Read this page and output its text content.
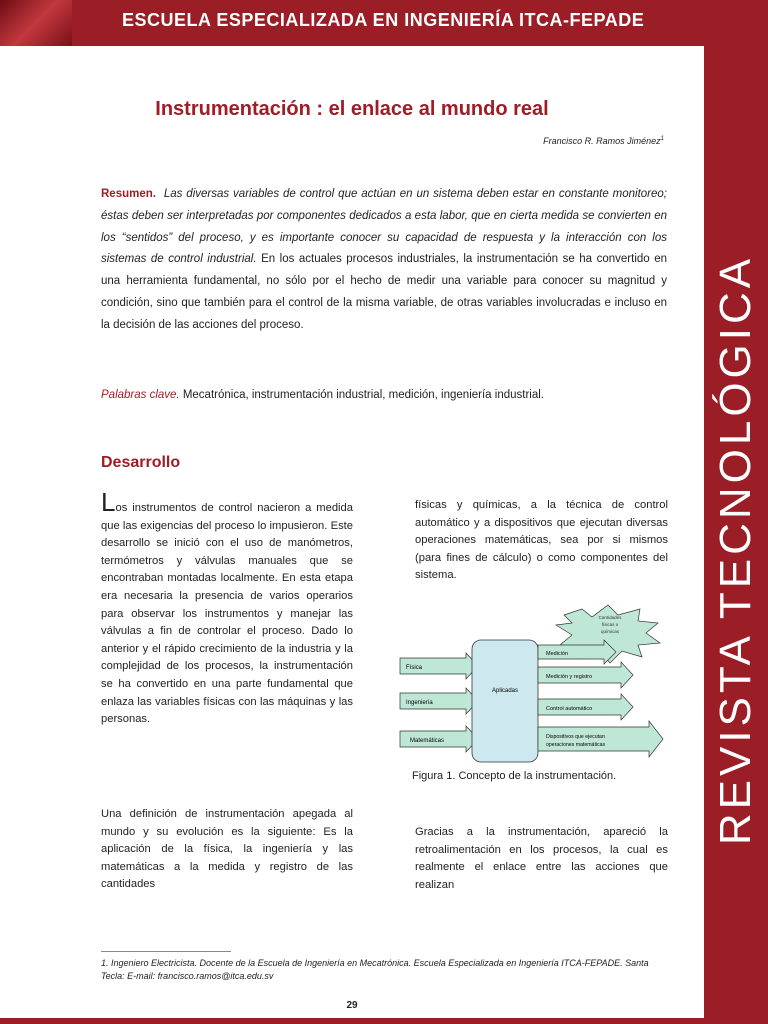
ESCUELA ESPECIALIZADA EN INGENIERÍA ITCA-FEPADE
REVISTA TECNOLÓGICA
Instrumentación : el enlace al mundo real
Francisco R. Ramos Jiménez$^1$
Resumen. Las diversas variables de control que actúan en un sistema deben estar en constante monitoreo; éstas deben ser interpretadas por componentes dedicados a esta labor, que en cierta medida se convierten en los “sentidos” del proceso, y es importante conocer su capacidad de respuesta y la interacción con los sistemas de control industrial. En los actuales procesos industriales, la instrumentación se ha convertido en una herramienta fundamental, no sólo por el hecho de medir una variable para conocer su magnitud y condición, sino que también para el control de la misma variable, de otras variables involucradas e incluso en la decisión de las acciones del proceso.
Palabras clave. Mecatrónica, instrumentación industrial, medición, ingeniería industrial.
Desarrollo
Los instrumentos de control nacieron a medida que las exigencias del proceso lo impusieron. Este desarrollo se inició con el uso de manómetros, termómetros y válvulas manuales que se encontraban montadas localmente. En esta etapa era necesaria la presencia de varios operarios para observar los instrumentos y manejar las válvulas a fin de controlar el proceso. Dado lo anterior y el rápido crecimiento de la industria y la complejidad de los procesos, la instrumentación se ha convertido en una parte fundamental que enlaza las variables físicas con las máquinas y las personas.
Una definición de instrumentación apegada al mundo y su evolución es la siguiente: Es la aplicación de la física, la ingeniería y las matemáticas a la medida y registro de las cantidades
físicas y químicas, a la técnica de control automático y a dispositivos que ejecutan diversas operaciones matemáticas, sea por si mismos (para fines de cálculo) o como componentes del sistema.
Gracias a la instrumentación, apareció la retroalimentación en los procesos, la cual es realmente el enlace entre las acciones que realizan
Cantidades
físicas o
químicas
Física
Ingeniería
Matemáticas
Aplicadas
Medición
Medición y registro
Control automático
Dispositivos que ejecutan
operaciones matemáticas
Figura 1. Concepto de la instrumentación.
1. Ingeniero Electricista. Docente de la Escuela de Ingeniería en Mecatrónica. Escuela Especializada en Ingeniería ITCA-FEPADE. Santa Tecla: E-mail: francisco.ramos@itca.edu.sv
29
